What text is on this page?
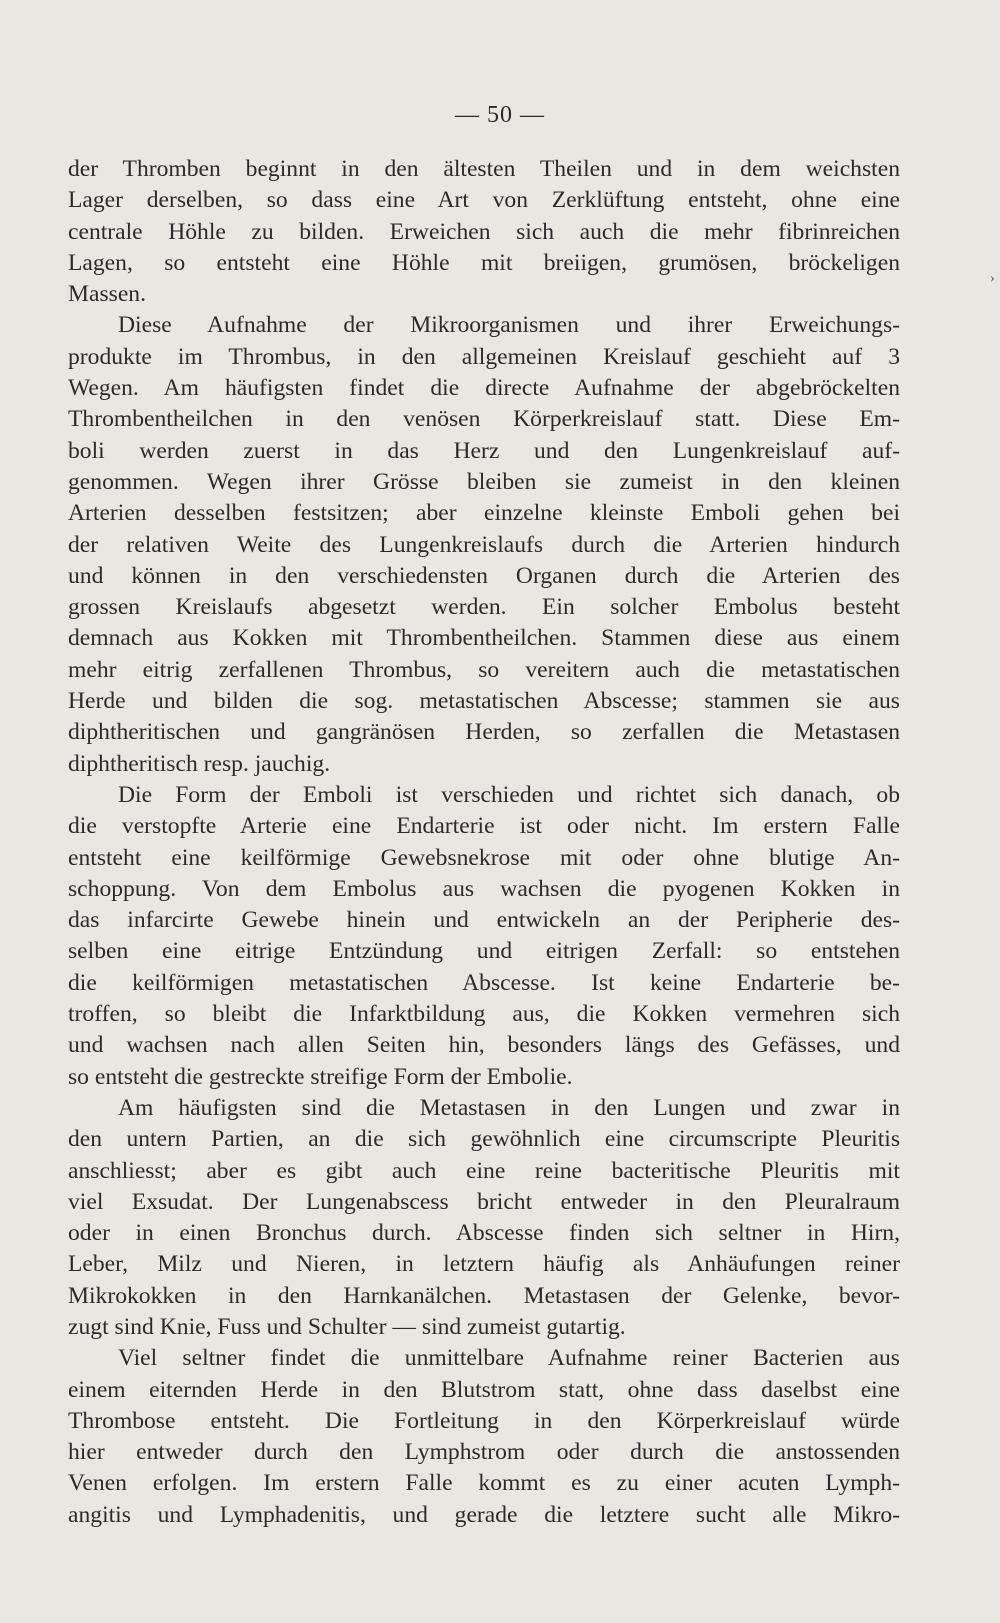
— 50 —
der Thromben beginnt in den ältesten Theilen und in dem weichsten
Lager derselben, so dass eine Art von Zerklüftung entsteht, ohne eine
centrale Höhle zu bilden. Erweichen sich auch die mehr fibrinreichen
Lagen, so entsteht eine Höhle mit breiigen, grumösen, bröckeligen
Massen.
Diese Aufnahme der Mikroorganismen und ihrer Erweichungs-
produkte im Thrombus, in den allgemeinen Kreislauf geschieht auf 3
Wegen. Am häufigsten findet die directe Aufnahme der abgebröckelten
Thrombentheilchen in den venösen Körperkreislauf statt. Diese Em-
boli werden zuerst in das Herz und den Lungenkreislauf auf-
genommen. Wegen ihrer Grösse bleiben sie zumeist in den kleinen
Arterien desselben festsitzen; aber einzelne kleinste Emboli gehen bei
der relativen Weite des Lungenkreislaufs durch die Arterien hindurch
und können in den verschiedensten Organen durch die Arterien des
grossen Kreislaufs abgesetzt werden. Ein solcher Embolus besteht
demnach aus Kokken mit Thrombentheilchen. Stammen diese aus einem
mehr eitrig zerfallenen Thrombus, so vereitern auch die metastatischen
Herde und bilden die sog. metastatischen Abscesse; stammen sie aus
diphtheritischen und gangränösen Herden, so zerfallen die Metastasen
diphtheritisch resp. jauchig.
Die Form der Emboli ist verschieden und richtet sich danach, ob
die verstopfte Arterie eine Endarterie ist oder nicht. Im erstern Falle
entsteht eine keilförmige Gewebsnekrose mit oder ohne blutige An-
schoppung. Von dem Embolus aus wachsen die pyogenen Kokken in
das infarcirte Gewebe hinein und entwickeln an der Peripherie des-
selben eine eitrige Entzündung und eitrigen Zerfall: so entstehen
die keilförmigen metastatischen Abscesse. Ist keine Endarterie be-
troffen, so bleibt die Infarktbildung aus, die Kokken vermehren sich
und wachsen nach allen Seiten hin, besonders längs des Gefässes, und
so entsteht die gestreckte streifige Form der Embolie.
Am häufigsten sind die Metastasen in den Lungen und zwar in
den untern Partien, an die sich gewöhnlich eine circumscripte Pleuritis
anschliesst; aber es gibt auch eine reine bacteritische Pleuritis mit
viel Exsudat. Der Lungenabscess bricht entweder in den Pleuralraum
oder in einen Bronchus durch. Abscesse finden sich seltner in Hirn,
Leber, Milz und Nieren, in letztern häufig als Anhäufungen reiner
Mikrokokken in den Harnkanälchen. Metastasen der Gelenke, bevor-
zugt sind Knie, Fuss und Schulter — sind zumeist gutartig.
Viel seltner findet die unmittelbare Aufnahme reiner Bacterien aus
einem eiternden Herde in den Blutstrom statt, ohne dass daselbst eine
Thrombose entsteht. Die Fortleitung in den Körperkreislauf würde
hier entweder durch den Lymphstrom oder durch die anstossenden
Venen erfolgen. Im erstern Falle kommt es zu einer acuten Lymph-
angitis und Lymphadenitis, und gerade die letztere sucht alle Mikro-
›
